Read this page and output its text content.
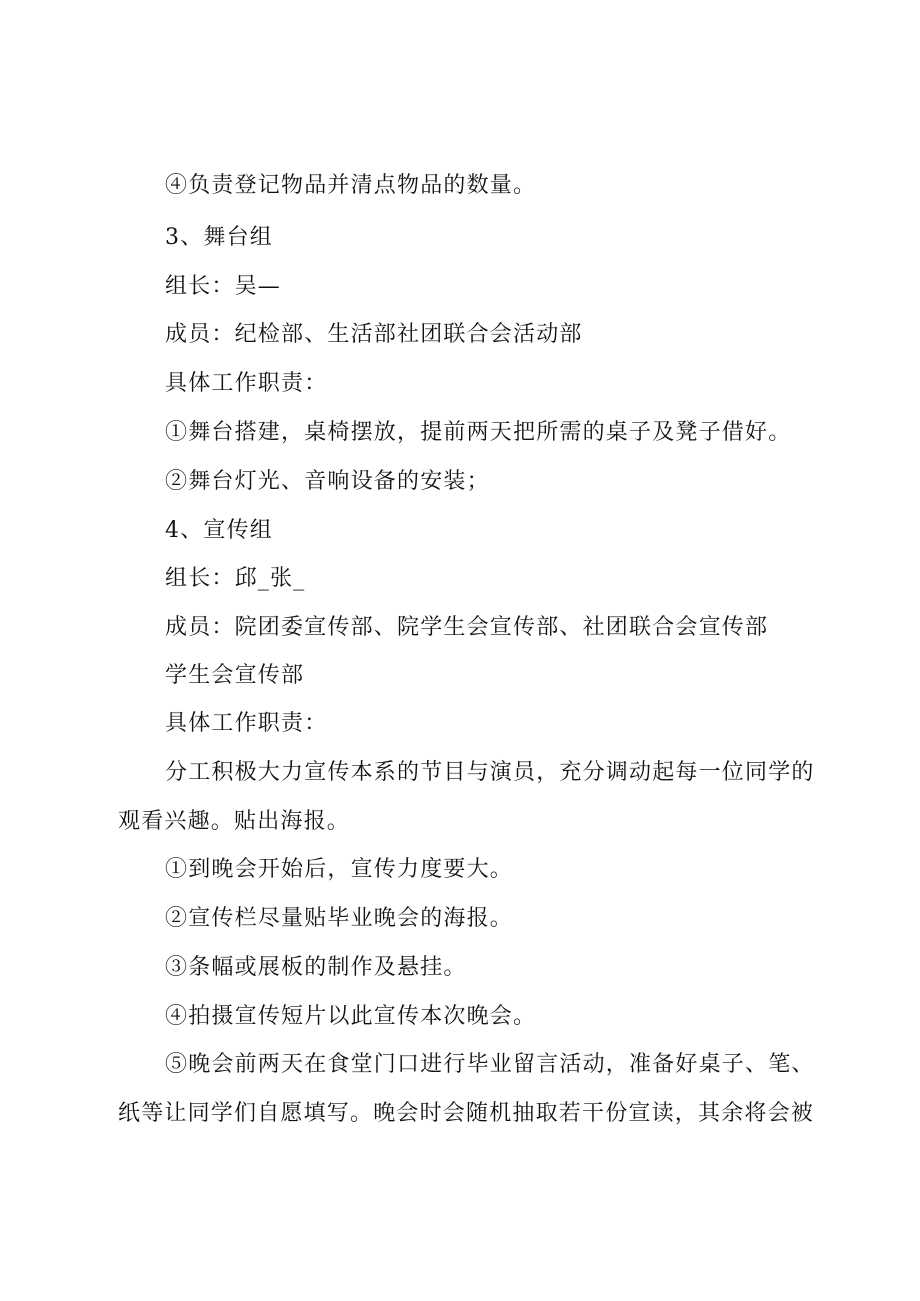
④负责登记物品并清点物品的数量。
3、舞台组
组长：吴—
成员：纪检部、生活部社团联合会活动部
具体工作职责：
①舞台搭建，桌椅摆放，提前两天把所需的桌子及凳子借好。
②舞台灯光、音响设备的安装；
4、宣传组
组长：邱_张_
成员：院团委宣传部、院学生会宣传部、社团联合会宣传部
学生会宣传部
具体工作职责：
分工积极大力宣传本系的节目与演员，充分调动起每一位同学的
观看兴趣。贴出海报。
①到晚会开始后，宣传力度要大。
②宣传栏尽量贴毕业晚会的海报。
③条幅或展板的制作及悬挂。
④拍摄宣传短片以此宣传本次晚会。
⑤晚会前两天在食堂门口进行毕业留言活动，准备好桌子、笔、
纸等让同学们自愿填写。晚会时会随机抽取若干份宣读，其余将会被
